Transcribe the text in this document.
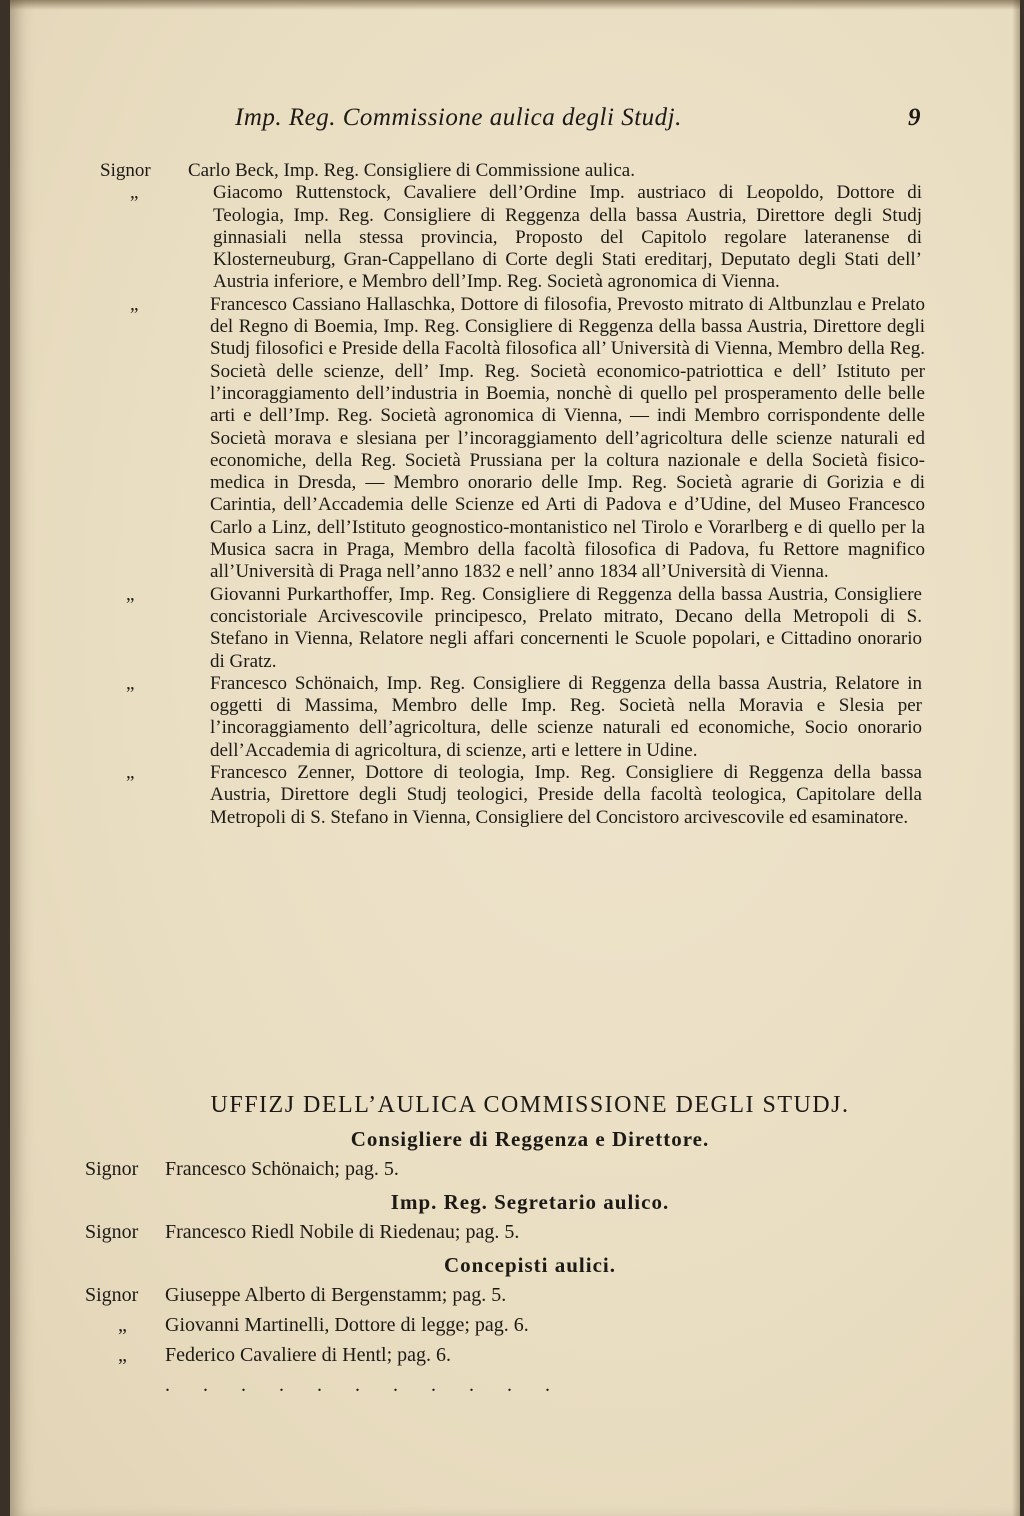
Imp. Reg. Commissione aulica degli Studj.	9
Signor Carlo Beck, Imp. Reg. Consigliere di Commissione aulica.
„	Giacomo Ruttenstock, Cavaliere dell’Ordine Imp. austriaco di Leopoldo, Dottore di Teologia, Imp. Reg. Consigliere di Reggenza della bassa Austria, Direttore degli Studj ginnasiali nella stessa provincia, Proposto del Capitolo regolare lateranense di Klosterneuburg, Gran-Cappellano di Corte degli Stati ereditarj, Deputato degli Stati dell’ Austria inferiore, e Membro dell’Imp. Reg. Società agronomica di Vienna.
„	Francesco Cassiano Hallaschka, Dottore di filosofia, Prevosto mitrato di Altbunzlau e Prelato del Regno di Boemia, Imp. Reg. Consigliere di Reggenza della bassa Austria, Direttore degli Studj filosofici e Preside della Facoltà filosofica all’ Università di Vienna, Membro della Reg. Società delle scienze, dell’ Imp. Reg. Società economico-patriottica e dell’ Istituto per l’incoraggiamento dell’industria in Boemia, nonchè di quello pel prosperamento delle belle arti e dell’Imp. Reg. Società agronomica di Vienna, — indi Membro corrispondente delle Società morava e slesiana per l’incoraggiamento dell’agricoltura delle scienze naturali ed economiche, della Reg. Società Prussiana per la coltura nazionale e della Società fisico-medica in Dresda, — Membro onorario delle Imp. Reg. Società agrarie di Gorizia e di Carintia, dell’Accademia delle Scienze ed Arti di Padova e d’Udine, del Museo Francesco Carlo a Linz, dell’Istituto geognostico-montanistico nel Tirolo e Vorarlberg e di quello per la Musica sacra in Praga, Membro della facoltà filosofica di Padova, fu Rettore magnifico all’Università di Praga nell’anno 1832 e nell’ anno 1834 all’Università di Vienna.
„	Giovanni Purkarthoffer, Imp. Reg. Consigliere di Reggenza della bassa Austria, Consigliere concistoriale Arcivescovile principesco, Prelato mitrato, Decano della Metropoli di S. Stefano in Vienna, Relatore negli affari concernenti le Scuole popolari, e Cittadino onorario di Gratz.
„	Francesco Schönaich, Imp. Reg. Consigliere di Reggenza della bassa Austria, Relatore in oggetti di Massima, Membro delle Imp. Reg. Società nella Moravia e Slesia per l’incoraggiamento dell’agricoltura, delle scienze naturali ed economiche, Socio onorario dell’Accademia di agricoltura, di scienze, arti e lettere in Udine.
„	Francesco Zenner, Dottore di teologia, Imp. Reg. Consigliere di Reggenza della bassa Austria, Direttore degli Studj teologici, Preside della facoltà teologica, Capitolare della Metropoli di S. Stefano in Vienna, Consigliere del Concistoro arcivescovile ed esaminatore.
UFFIZJ DELL’AULICA COMMISSIONE DEGLI STUDJ.
Consigliere di Reggenza e Direttore.
Signor Francesco Schönaich; pag. 5.
Imp. Reg. Segretario aulico.
Signor Francesco Riedl Nobile di Riedenau; pag. 5.
Concepisti aulici.
Signor Giuseppe Alberto di Bergenstamm; pag. 5.
„ Giovanni Martinelli, Dottore di legge; pag. 6.
„ Federico Cavaliere di Hentl; pag. 6.
. . . . . . . . . . .
